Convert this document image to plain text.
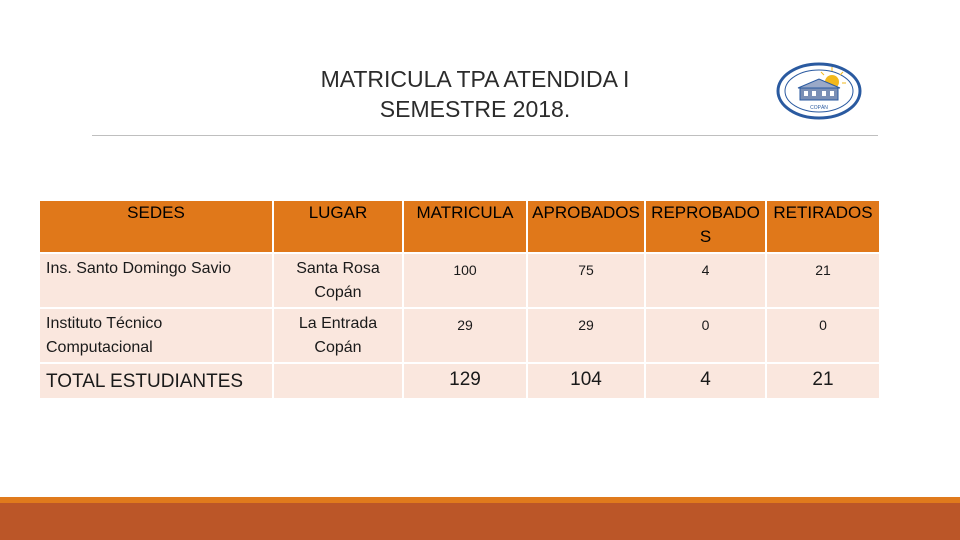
MATRICULA TPA ATENDIDA I
SEMESTRE 2018.	COPÁN
SEDES	LUGAR	MATRICULA	APROBADOS	REPROBADO S	RETIRADOS
Ins. Santo Domingo Savio	Santa Rosa Copán	100	75	4	21
Instituto Técnico Computacional	La Entrada Copán	29	29	0	0
TOTAL ESTUDIANTES		129	104	4	21
